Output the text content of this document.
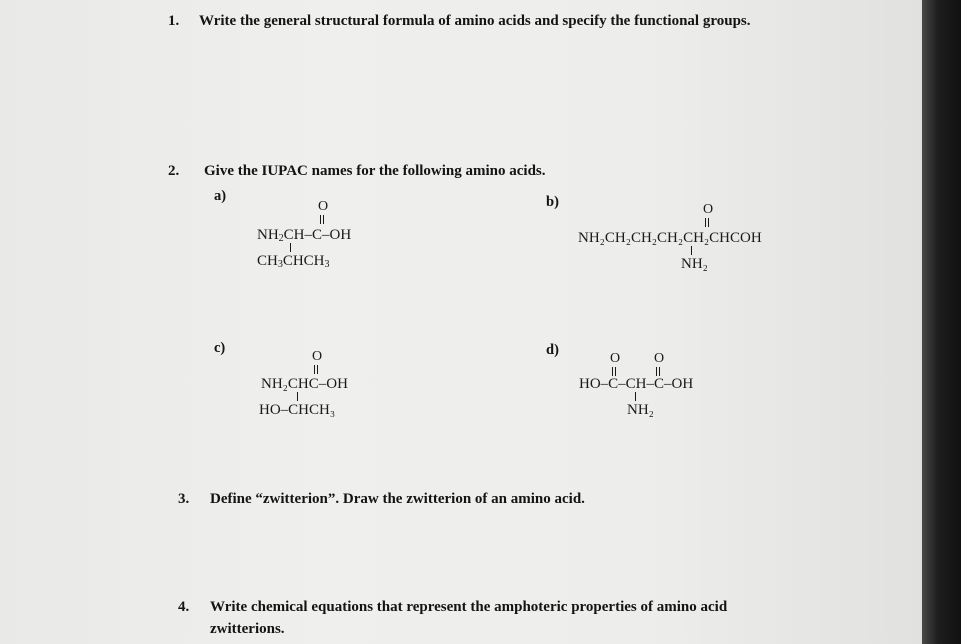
1. Write the general structural formula of amino acids and specify the functional groups.
2. Give the IUPAC names for the following amino acids.
a)	b)
c)	d)
O
$NH_2CH-C-OH$
$CH_3CHCH_3$
O
NH₂CH₂CH₂CH₂CH₂CHCOH
NH₂
O
NH₂CHC–OH
HO–CHCH₃
O O
HO–C–CH–C–OH
NH₂
3. Define “zwitterion”. Draw the zwitterion of an amino acid.
4. Write chemical equations that represent the amphoteric properties of amino acid
zwitterions.
